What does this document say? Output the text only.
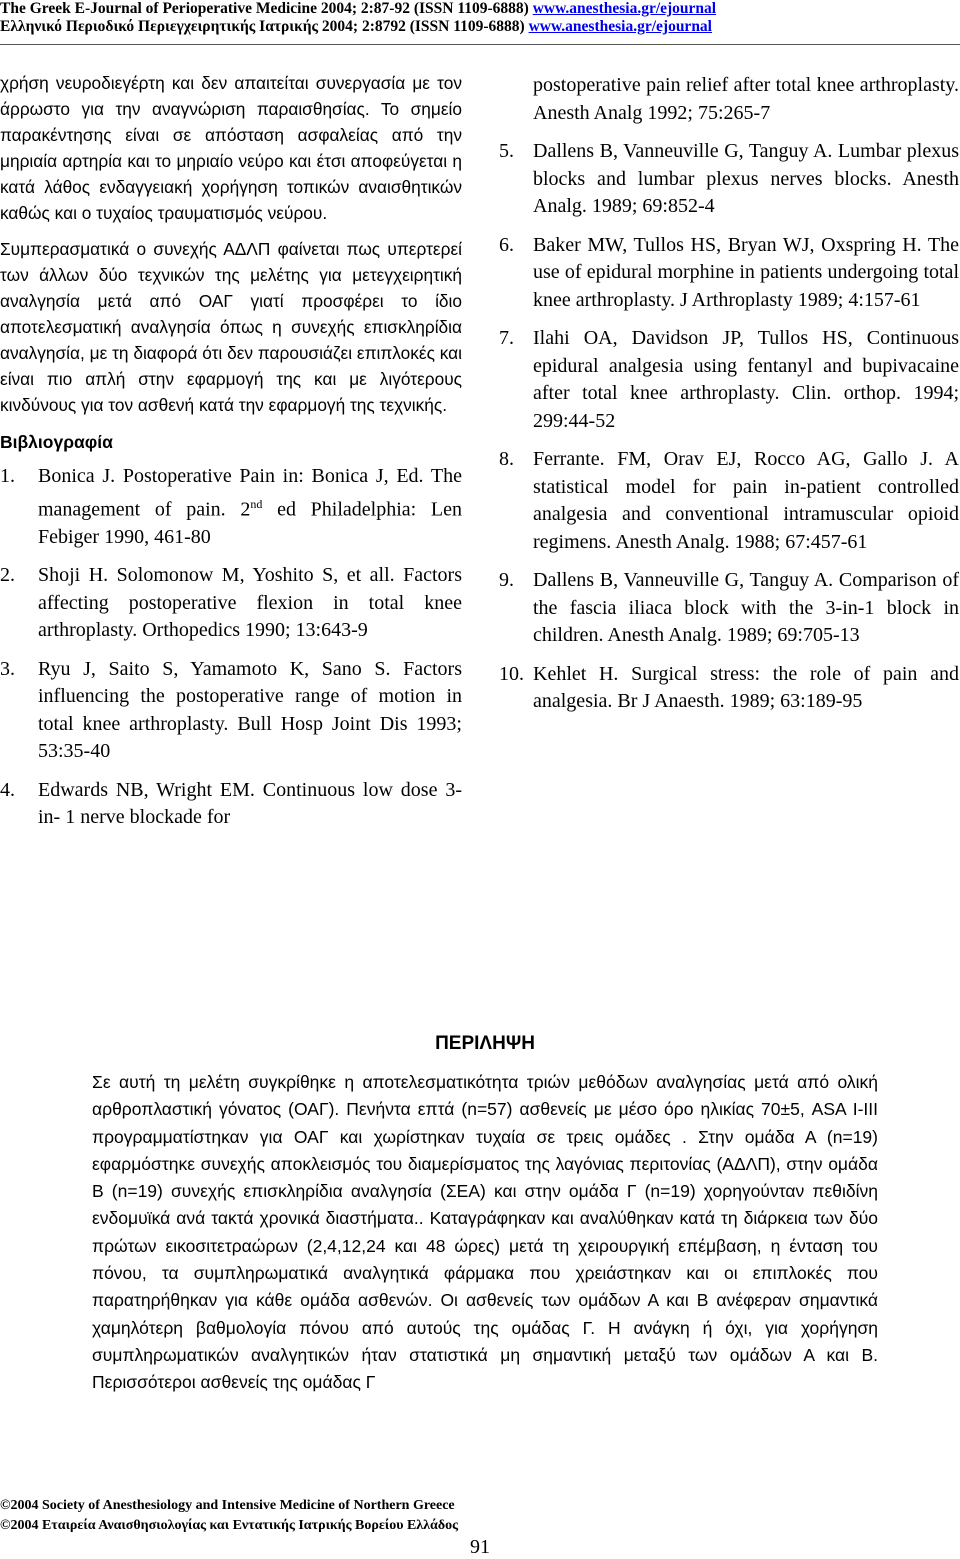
The Greek E-Journal of Perioperative Medicine 2004; 2:87-92 (ISSN 1109-6888) www.anesthesia.gr/ejournal
Ελληνικό Περιοδικό Περιεγχειρητικής Ιατρικής 2004; 2:8792 (ISSN 1109-6888) www.anesthesia.gr/ejournal

χρήση νευροδιεγέρτη και δεν απαιτείται συνεργασία με τον άρρωστο για την αναγνώριση παραισθησίας. Το σημείο παρακέντησης είναι σε απόσταση ασφαλείας από την μηριαία αρτηρία και το μηριαίο νεύρο και έτσι αποφεύγεται η κατά λάθος ενδαγγειακή χορήγηση τοπικών αναισθητικών καθώς και ο τυχαίος τραυματισμός νεύρου.

Συμπερασματικά ο συνεχής ΑΔΛΠ φαίνεται πως υπερτερεί των άλλων δύο τεχνικών της μελέτης για μετεγχειρητική αναλγησία μετά από ΟΑΓ γιατί προσφέρει το ίδιο αποτελεσματική αναλγησία όπως η συνεχής επισκληρίδια αναλγησία, με τη διαφορά ότι δεν παρουσιάζει επιπλοκές και είναι πιο απλή στην εφαρμογή της και με λιγότερους κινδύνους για τον ασθενή κατά την εφαρμογή της τεχνικής.

Βιβλιογραφία
1. Bonica J. Postoperative Pain in: Bonica J, Ed. The management of pain. 2nd ed Philadelphia: Len Febiger 1990, 461-80
2. Shoji H. Solomonow M, Yoshito S, et all. Factors affecting postoperative flexion in total knee arthroplasty. Orthopedics 1990; 13:643-9
3. Ryu J, Saito S, Yamamoto K, Sano S. Factors influencing the postoperative range of motion in total knee arthroplasty. Bull Hosp Joint Dis 1993; 53:35-40
4. Edwards NB, Wright EM. Continuous low dose 3-in- 1 nerve blockade for
postoperative pain relief after total knee arthroplasty. Anesth Analg 1992; 75:265-7
5. Dallens B, Vanneuville G, Tanguy A. Lumbar plexus blocks and lumbar plexus nerves blocks. Anesth Analg. 1989; 69:852-4
6. Baker MW, Tullos HS, Bryan WJ, Oxspring H. The use of epidural morphine in patients undergoing total knee arthroplasty. J Arthroplasty 1989; 4:157-61
7. Ilahi OA, Davidson JP, Tullos HS, Continuous epidural analgesia using fentanyl and bupivacaine after total knee arthroplasty. Clin. orthop. 1994; 299:44-52
8. Ferrante. FM, Orav EJ, Rocco AG, Gallo J. A statistical model for pain in-patient controlled analgesia and conventional intramuscular opioid regimens. Anesth Analg. 1988; 67:457-61
9. Dallens B, Vanneuville G, Tanguy A. Comparison of the fascia iliaca block with the 3-in-1 block in children. Anesth Analg. 1989; 69:705-13
10. Kehlet H. Surgical stress: the role of pain and analgesia. Br J Anaesth. 1989; 63:189-95
ΠΕΡΙΛΗΨΗ

Σε αυτή τη μελέτη συγκρίθηκε η αποτελεσματικότητα τριών μεθόδων αναλγησίας μετά από ολική αρθροπλαστική γόνατος (ΟΑΓ). Πενήντα επτά (n=57) ασθενείς με μέσο όρο ηλικίας 70±5, ASA I-III προγραμματίστηκαν για ΟΑΓ και χωρίστηκαν τυχαία σε τρεις ομάδες . Στην ομάδα Α (n=19) εφαρμόστηκε συνεχής αποκλεισμός του διαμερίσματος της λαγόνιας περιτονίας (ΑΔΛΠ), στην ομάδα Β (n=19) συνεχής επισκληρίδια αναλγησία (ΣΕΑ) και στην ομάδα Γ (n=19) χορηγούνταν πεθιδίνη ενδομυϊκά ανά τακτά χρονικά διαστήματα.. Καταγράφηκαν και αναλύθηκαν κατά τη διάρκεια των δύο πρώτων εικοσιτετραώρων (2,4,12,24 και 48 ώρες) μετά τη χειρουργική επέμβαση, η ένταση του πόνου, τα συμπληρωματικά αναλγητικά φάρμακα που χρειάστηκαν και οι επιπλοκές που παρατηρήθηκαν για κάθε ομάδα ασθενών. Οι ασθενείς των ομάδων Α και Β ανέφεραν σημαντικά χαμηλότερη βαθμολογία πόνου από αυτούς της ομάδας Γ. Η ανάγκη ή όχι, για χορήγηση συμπληρωματικών αναλγητικών ήταν στατιστικά μη σημαντική μεταξύ των ομάδων Α και Β. Περισσότεροι ασθενείς της ομάδας Γ

©2004 Society of Anesthesiology and Intensive Medicine of Northern Greece
©2004 Εταιρεία Αναισθησιολογίας και Εντατικής Ιατρικής Βορείου Ελλάδος
91
